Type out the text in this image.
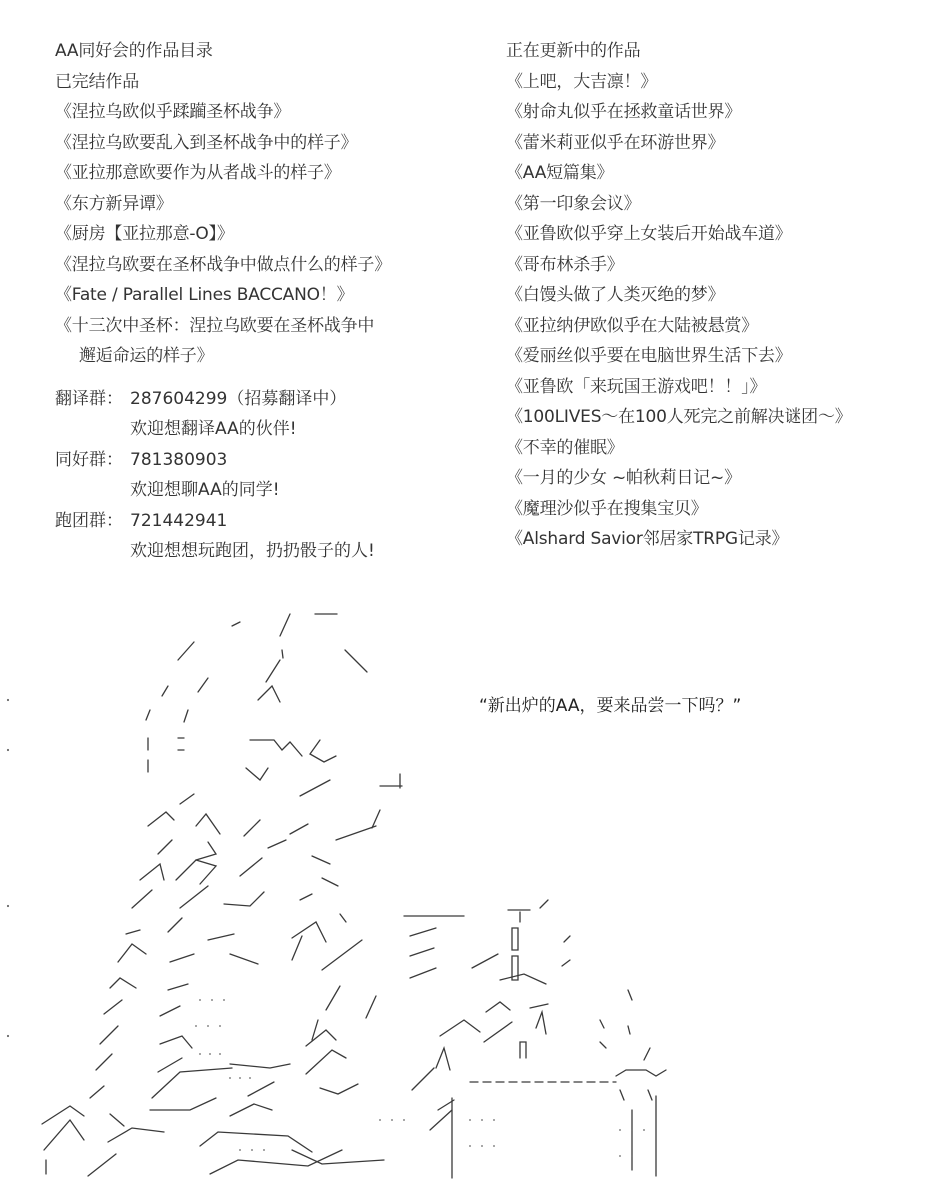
AA同好会的作品目录
已完结作品
《涅拉乌欧似乎蹂躏圣杯战争》
《涅拉乌欧要乱入到圣杯战争中的样子》
《亚拉那意欧要作为从者战斗的样子》
《东方新异谭》
《厨房【亚拉那意-O】》
《涅拉乌欧要在圣杯战争中做点什么的样子》
《Fate / Parallel Lines BACCANO！》
《十三次中圣杯：涅拉乌欧要在圣杯战争中
邂逅命运的样子》
翻译群： 287604299（招募翻译中）
欢迎想翻译AA的伙伴!
同好群： 781380903
欢迎想聊AA的同学!
跑团群： 721442941
欢迎想想玩跑团，扔扔骰子的人!
正在更新中的作品
《上吧，大吉凛！》
《射命丸似乎在拯救童话世界》
《蕾米莉亚似乎在环游世界》
《AA短篇集》
《第一印象会议》
《亚鲁欧似乎穿上女装后开始战车道》
《哥布林杀手》
《白馒头做了人类灭绝的梦》
《亚拉纳伊欧似乎在大陆被悬赏》
《爱丽丝似乎要在电脑世界生活下去》
《亚鲁欧「来玩国王游戏吧！！」》
《100LIVES～在100人死完之前解决谜团～》
《不幸的催眠》
《一月的少女 ~帕秋莉日记~》
《魔理沙似乎在搜集宝贝》
《Alshard Savior邻居家TRPG记录》
“新出炉的AA，要来品尝一下吗？”
